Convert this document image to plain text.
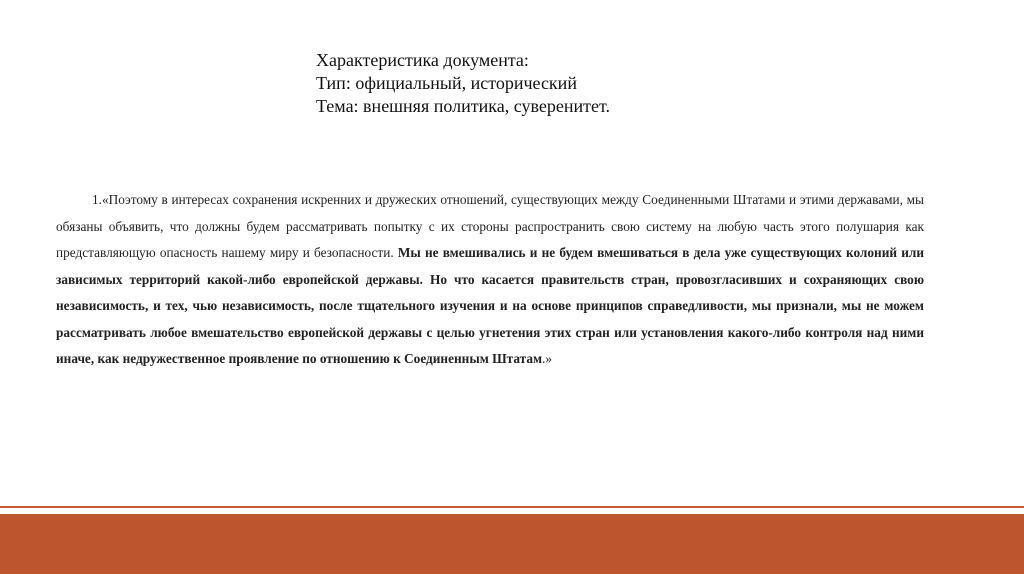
Характеристика документа:
Тип: официальный, исторический
Тема: внешняя политика, суверенитет.

1.«Поэтому в интересах сохранения искренних и дружеских отношений, существующих между Соединенными Штатами и этими державами, мы обязаны объявить, что должны будем рассматривать попытку с их стороны распространить свою систему на любую часть этого полушария как представляющую опасность нашему миру и безопасности. Мы не вмешивались и не будем вмешиваться в дела уже существующих колоний или зависимых территорий какой-либо европейской державы. Но что касается правительств стран, провозгласивших и сохраняющих свою независимость, и тех, чью независимость, после тщательного изучения и на основе принципов справедливости, мы признали, мы не можем рассматривать любое вмешательство европейской державы с целью угнетения этих стран или установления какого-либо контроля над ними иначе, как недружественное проявление по отношению к Соединенным Штатам.»
